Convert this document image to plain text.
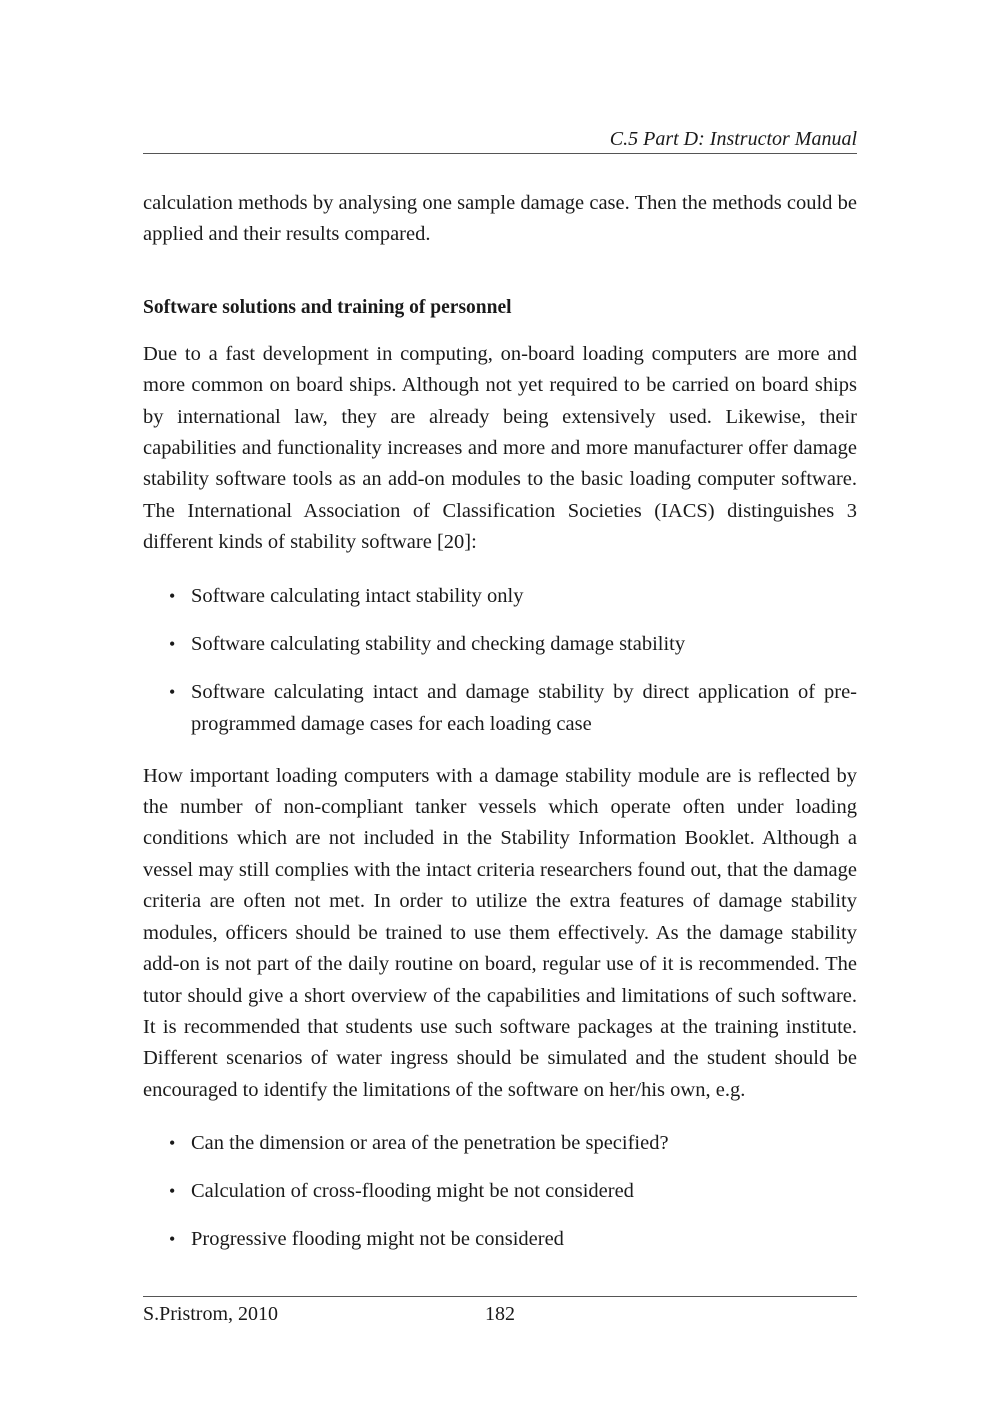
C.5 Part D: Instructor Manual

calculation methods by analysing one sample damage case. Then the methods could be applied and their results compared.

Software solutions and training of personnel

Due to a fast development in computing, on-board loading computers are more and more common on board ships. Although not yet required to be carried on board ships by international law, they are already being extensively used. Likewise, their capabilities and functionality increases and more and more manufacturer offer damage stability software tools as an add-on modules to the basic loading computer software. The International Association of Classification Societies (IACS) distinguishes 3 different kinds of stability software [20]:

• Software calculating intact stability only
• Software calculating stability and checking damage stability
• Software calculating intact and damage stability by direct application of pre-programmed damage cases for each loading case

How important loading computers with a damage stability module are is reflected by the number of non-compliant tanker vessels which operate often under loading conditions which are not included in the Stability Information Booklet. Although a vessel may still complies with the intact criteria researchers found out, that the damage criteria are often not met. In order to utilize the extra features of damage stability modules, officers should be trained to use them effectively. As the damage stability add-on is not part of the daily routine on board, regular use of it is recommended. The tutor should give a short overview of the capabilities and limitations of such software. It is recommended that students use such software packages at the training institute. Different scenarios of water ingress should be simulated and the student should be encouraged to identify the limitations of the software on her/his own, e.g.

• Can the dimension or area of the penetration be specified?
• Calculation of cross-flooding might be not considered
• Progressive flooding might not be considered
S.Pristrom, 2010	182
